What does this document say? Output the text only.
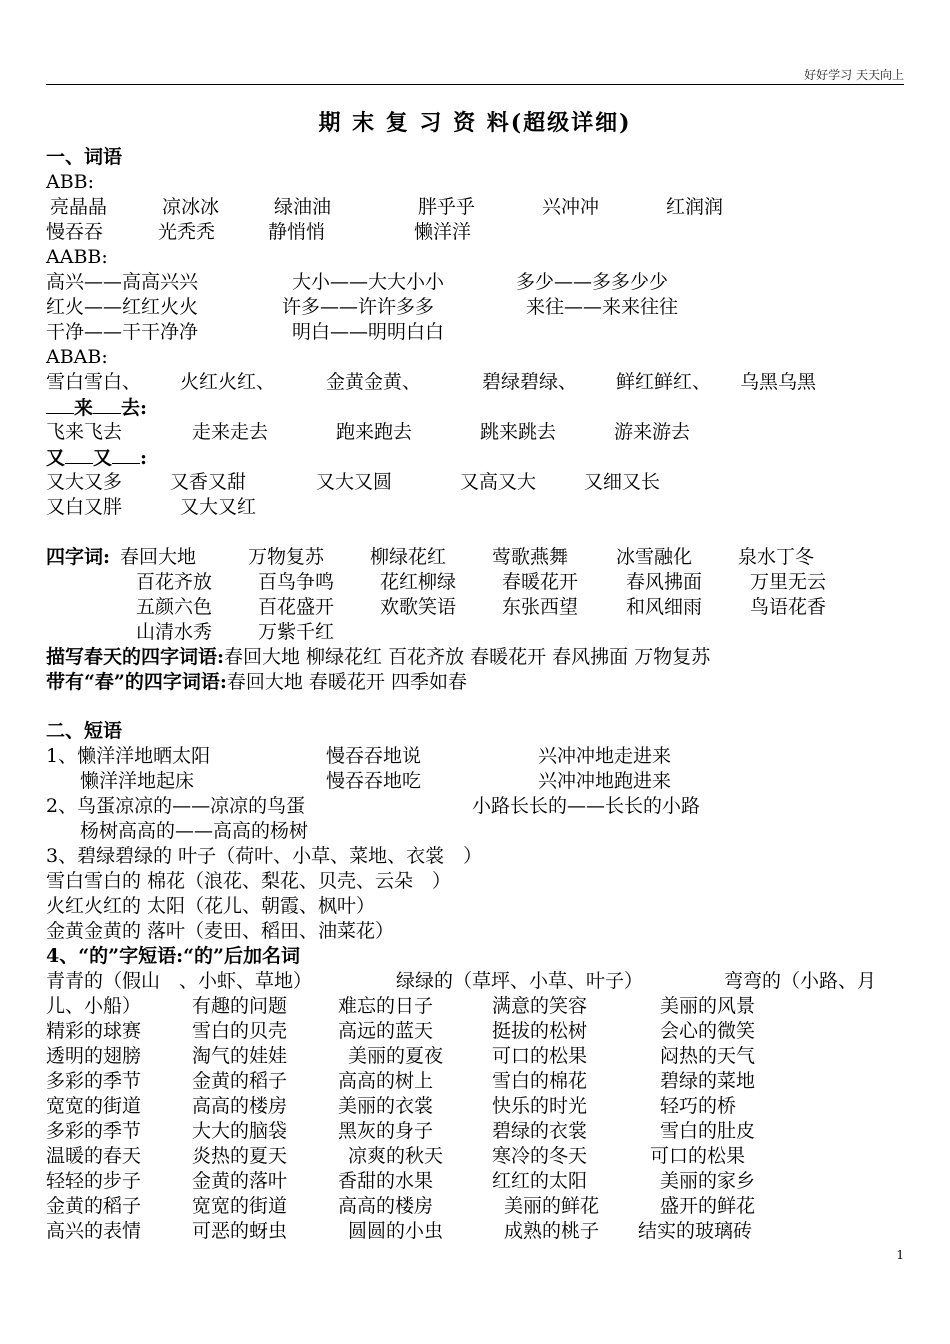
好好学习 天天向上
期 末 复 习 资 料(超级详细)
一、词语
ABB:
亮晶晶	凉冰冰	绿油油	胖乎乎	兴冲冲	红润润
慢吞吞	光秃秃	静悄悄	懒洋洋
AABB:
高兴——高高兴兴	大小——大大小小	多少——多多少少
红火——红红火火	许多——许许多多	来往——来来往往
干净——干干净净	明白——明明白白
ABAB:
雪白雪白、 火红火红、	金黄金黄、	碧绿碧绿、 鲜红鲜红、 乌黑乌黑
来 去:
飞来飞去	走来走去	跑来跑去	跳来跳去	游来游去
又 又 :
又大又多	又香又甜	又大又圆	又高又大	又细又长
又白又胖	又大又红
四字词: 春回大地	万物复苏 柳绿花红 莺歌燕舞	冰雪融化 泉水丁冬
百花齐放 百鸟争鸣 花红柳绿 春暖花开	春风拂面	万里无云
五颜六色 百花盛开 欢歌笑语 东张西望	和风细雨	鸟语花香
山清水秀 万紫千红
描写春天的四字词语:春回大地 柳绿花红 百花齐放 春暖花开 春风拂面 万物复苏
带有“春”的四字词语:春回大地 春暖花开 四季如春
二、短语
1、懒洋洋地晒太阳	慢吞吞地说	兴冲冲地走进来
懒洋洋地起床	慢吞吞地吃	兴冲冲地跑进来
2、鸟蛋凉凉的——凉凉的鸟蛋	小路长长的——长长的小路
杨树高高的——高高的杨树
3、碧绿碧绿的 叶子（荷叶、小草、菜地、衣裳　）
雪白雪白的 棉花（浪花、梨花、贝壳、云朵　）
火红火红的 太阳（花儿、朝霞、枫叶）
金黄金黄的 落叶（麦田、稻田、油菜花）
4、“的”字短语:“的”后加名词
青青的（假山　、小虾、草地）	绿绿的（草坪、小草、叶子）	弯弯的（小路、月
儿、小船）	有趣的问题	难忘的日子	满意的笑容	美丽的风景
精彩的球赛	雪白的贝壳	高远的蓝天	挺拔的松树	会心的微笑
透明的翅膀	淘气的娃娃	美丽的夏夜	可口的松果	闷热的天气
多彩的季节	金黄的稻子	高高的树上	雪白的棉花	碧绿的菜地
宽宽的街道	高高的楼房	美丽的衣裳	快乐的时光	轻巧的桥
多彩的季节	大大的脑袋	黑灰的身子	碧绿的衣裳	雪白的肚皮
温暖的春天	炎热的夏天	凉爽的秋天	寒冷的冬天	可口的松果
轻轻的步子	金黄的落叶	香甜的水果	红红的太阳	美丽的家乡
金黄的稻子	宽宽的街道	高高的楼房	美丽的鲜花	盛开的鲜花
高兴的表情	可恶的蚜虫	圆圆的小虫	成熟的桃子 结实的玻璃砖
1
